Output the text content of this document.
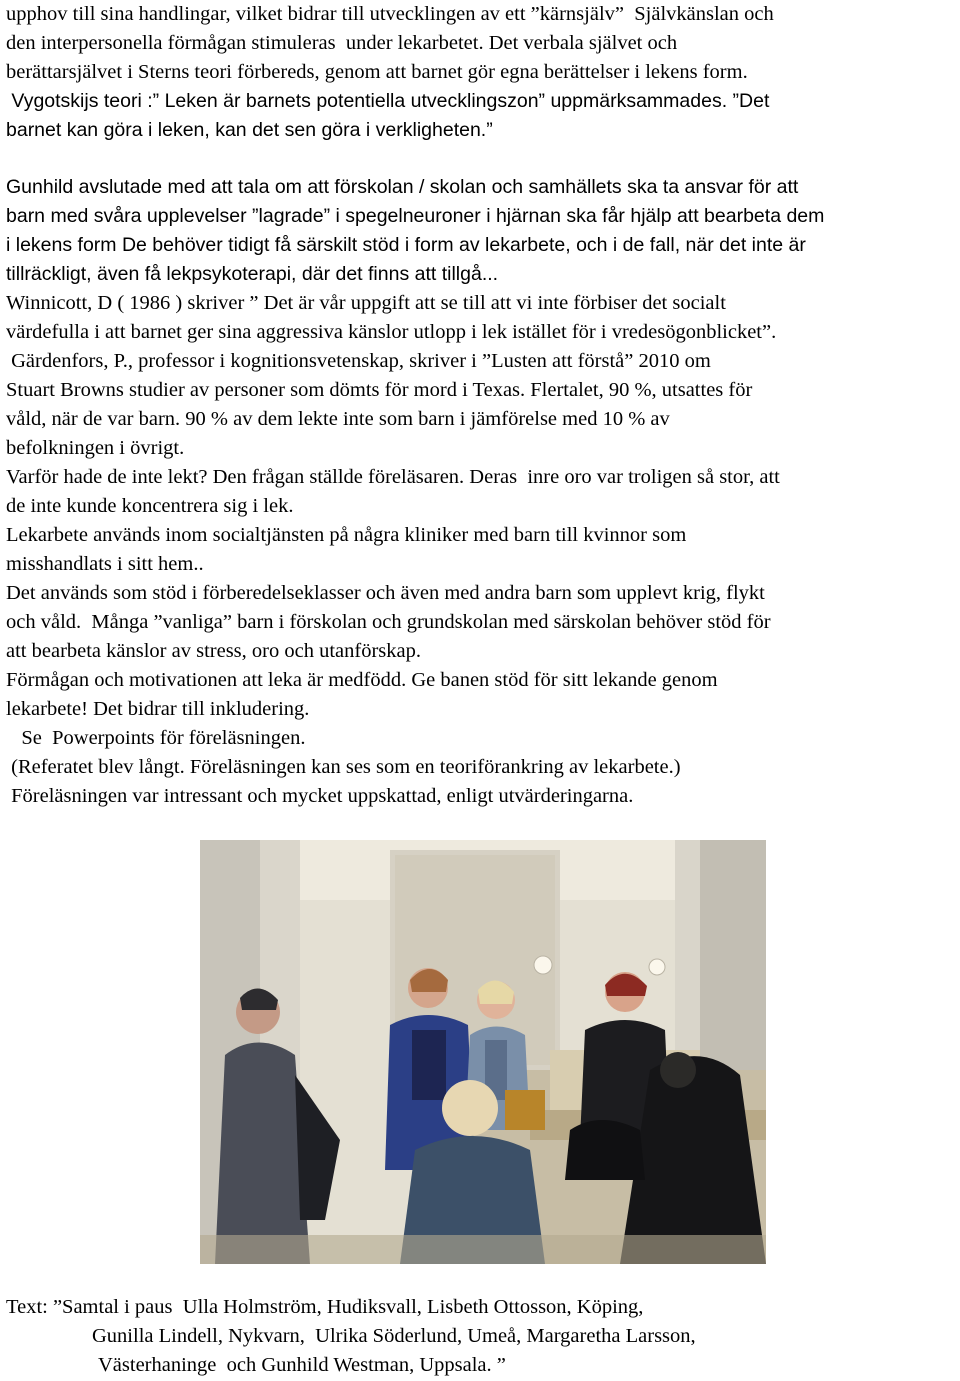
upphov till sina handlingar, vilket bidrar till utvecklingen av ett ”kärnsjälv”  Självkänslan och
den interpersonella förmågan stimuleras  under lekarbetet. Det verbala självet och
berättarsjälvet i Sterns teori förbereds, genom att barnet gör egna berättelser i lekens form.
Vygotskijs teori :” Leken är barnets potentiella utvecklingszon” uppmärksammades. ”Det
barnet kan göra i leken, kan det sen göra i verkligheten.”
Gunhild avslutade med att tala om att förskolan / skolan och samhällets ska ta ansvar för att
barn med svåra upplevelser ”lagrade” i spegelneuroner i hjärnan ska får hjälp att bearbeta dem
i lekens form De behöver tidigt få särskilt stöd i form av lekarbete, och i de fall, när det inte är
tillräckligt, även få lekpsykoterapi, där det finns att tillgå...
Winnicott, D ( 1986 ) skriver ” Det är vår uppgift att se till att vi inte förbiser det socialt
värdefulla i att barnet ger sina aggressiva känslor utlopp i lek istället för i vredesögonblicket”.
Gärdenfors, P., professor i kognitionsvetenskap, skriver i ”Lusten att förstå” 2010 om
Stuart Browns studier av personer som dömts för mord i Texas. Flertalet, 90 %, utsattes för
våld, när de var barn. 90 % av dem lekte inte som barn i jämförelse med 10 % av
befolkningen i övrigt.
Varför hade de inte lekt? Den frågan ställde föreläsaren. Deras  inre oro var troligen så stor, att
de inte kunde koncentrera sig i lek.
Lekarbete används inom socialtjänsten på några kliniker med barn till kvinnor som
misshandlats i sitt hem..
Det används som stöd i förberedelseklasser och även med andra barn som upplevt krig, flykt
och våld.  Många ”vanliga” barn i förskolan och grundskolan med särskolan behöver stöd för
att bearbeta känslor av stress, oro och utanförskap.
Förmågan och motivationen att leka är medfödd. Ge banen stöd för sitt lekande genom
lekarbete! Det bidrar till inkludering.
Se  Powerpoints för föreläsningen.
(Referatet blev långt. Föreläsningen kan ses som en teoriförankring av lekarbete.)
Föreläsningen var intressant och mycket uppskattad, enligt utvärderingarna.
Text: ”Samtal i paus  Ulla Holmström, Hudiksvall, Lisbeth Ottosson, Köping,
Gunilla Lindell, Nykvarn,  Ulrika Söderlund, Umeå, Margaretha Larsson,
Västerhaninge  och Gunhild Westman, Uppsala. ”
